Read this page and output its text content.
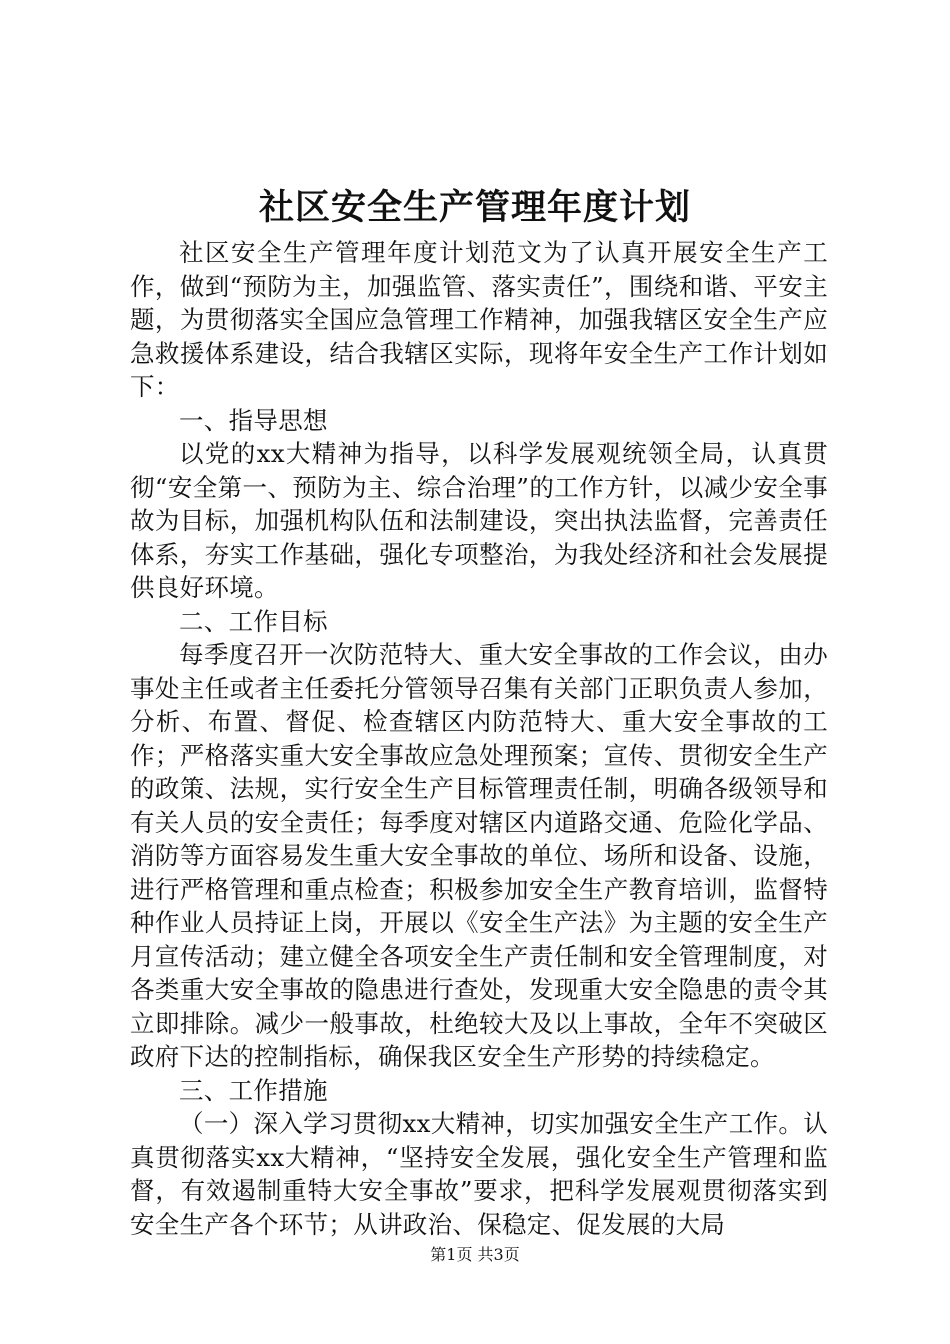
社区安全生产管理年度计划

社区安全生产管理年度计划范文为了认真开展安全生产工作，做到“预防为主，加强监管、落实责任”，围绕和谐、平安主题，为贯彻落实全国应急管理工作精神，加强我辖区安全生产应急救援体系建设，结合我辖区实际，现将年安全生产工作计划如下：

一、指导思想

以党的xx大精神为指导，以科学发展观统领全局，认真贯彻“安全第一、预防为主、综合治理”的工作方针，以减少安全事故为目标，加强机构队伍和法制建设，突出执法监督，完善责任体系，夯实工作基础，强化专项整治，为我处经济和社会发展提供良好环境。

二、工作目标

每季度召开一次防范特大、重大安全事故的工作会议，由办事处主任或者主任委托分管领导召集有关部门正职负责人参加，分析、布置、督促、检查辖区内防范特大、重大安全事故的工作；严格落实重大安全事故应急处理预案；宣传、贯彻安全生产的政策、法规，实行安全生产目标管理责任制，明确各级领导和有关人员的安全责任；每季度对辖区内道路交通、危险化学品、消防等方面容易发生重大安全事故的单位、场所和设备、设施，进行严格管理和重点检查；积极参加安全生产教育培训，监督特种作业人员持证上岗，开展以《安全生产法》为主题的安全生产月宣传活动；建立健全各项安全生产责任制和安全管理制度，对各类重大安全事故的隐患进行查处，发现重大安全隐患的责令其立即排除。减少一般事故，杜绝较大及以上事故，全年不突破区政府下达的控制指标，确保我区安全生产形势的持续稳定。

三、工作措施

（一）深入学习贯彻xx大精神，切实加强安全生产工作。认真贯彻落实xx大精神，“坚持安全发展，强化安全生产管理和监督，有效遏制重特大安全事故”要求，把科学发展观贯彻落实到安全生产各个环节；从讲政治、保稳定、促发展的大局

第1页 共3页
